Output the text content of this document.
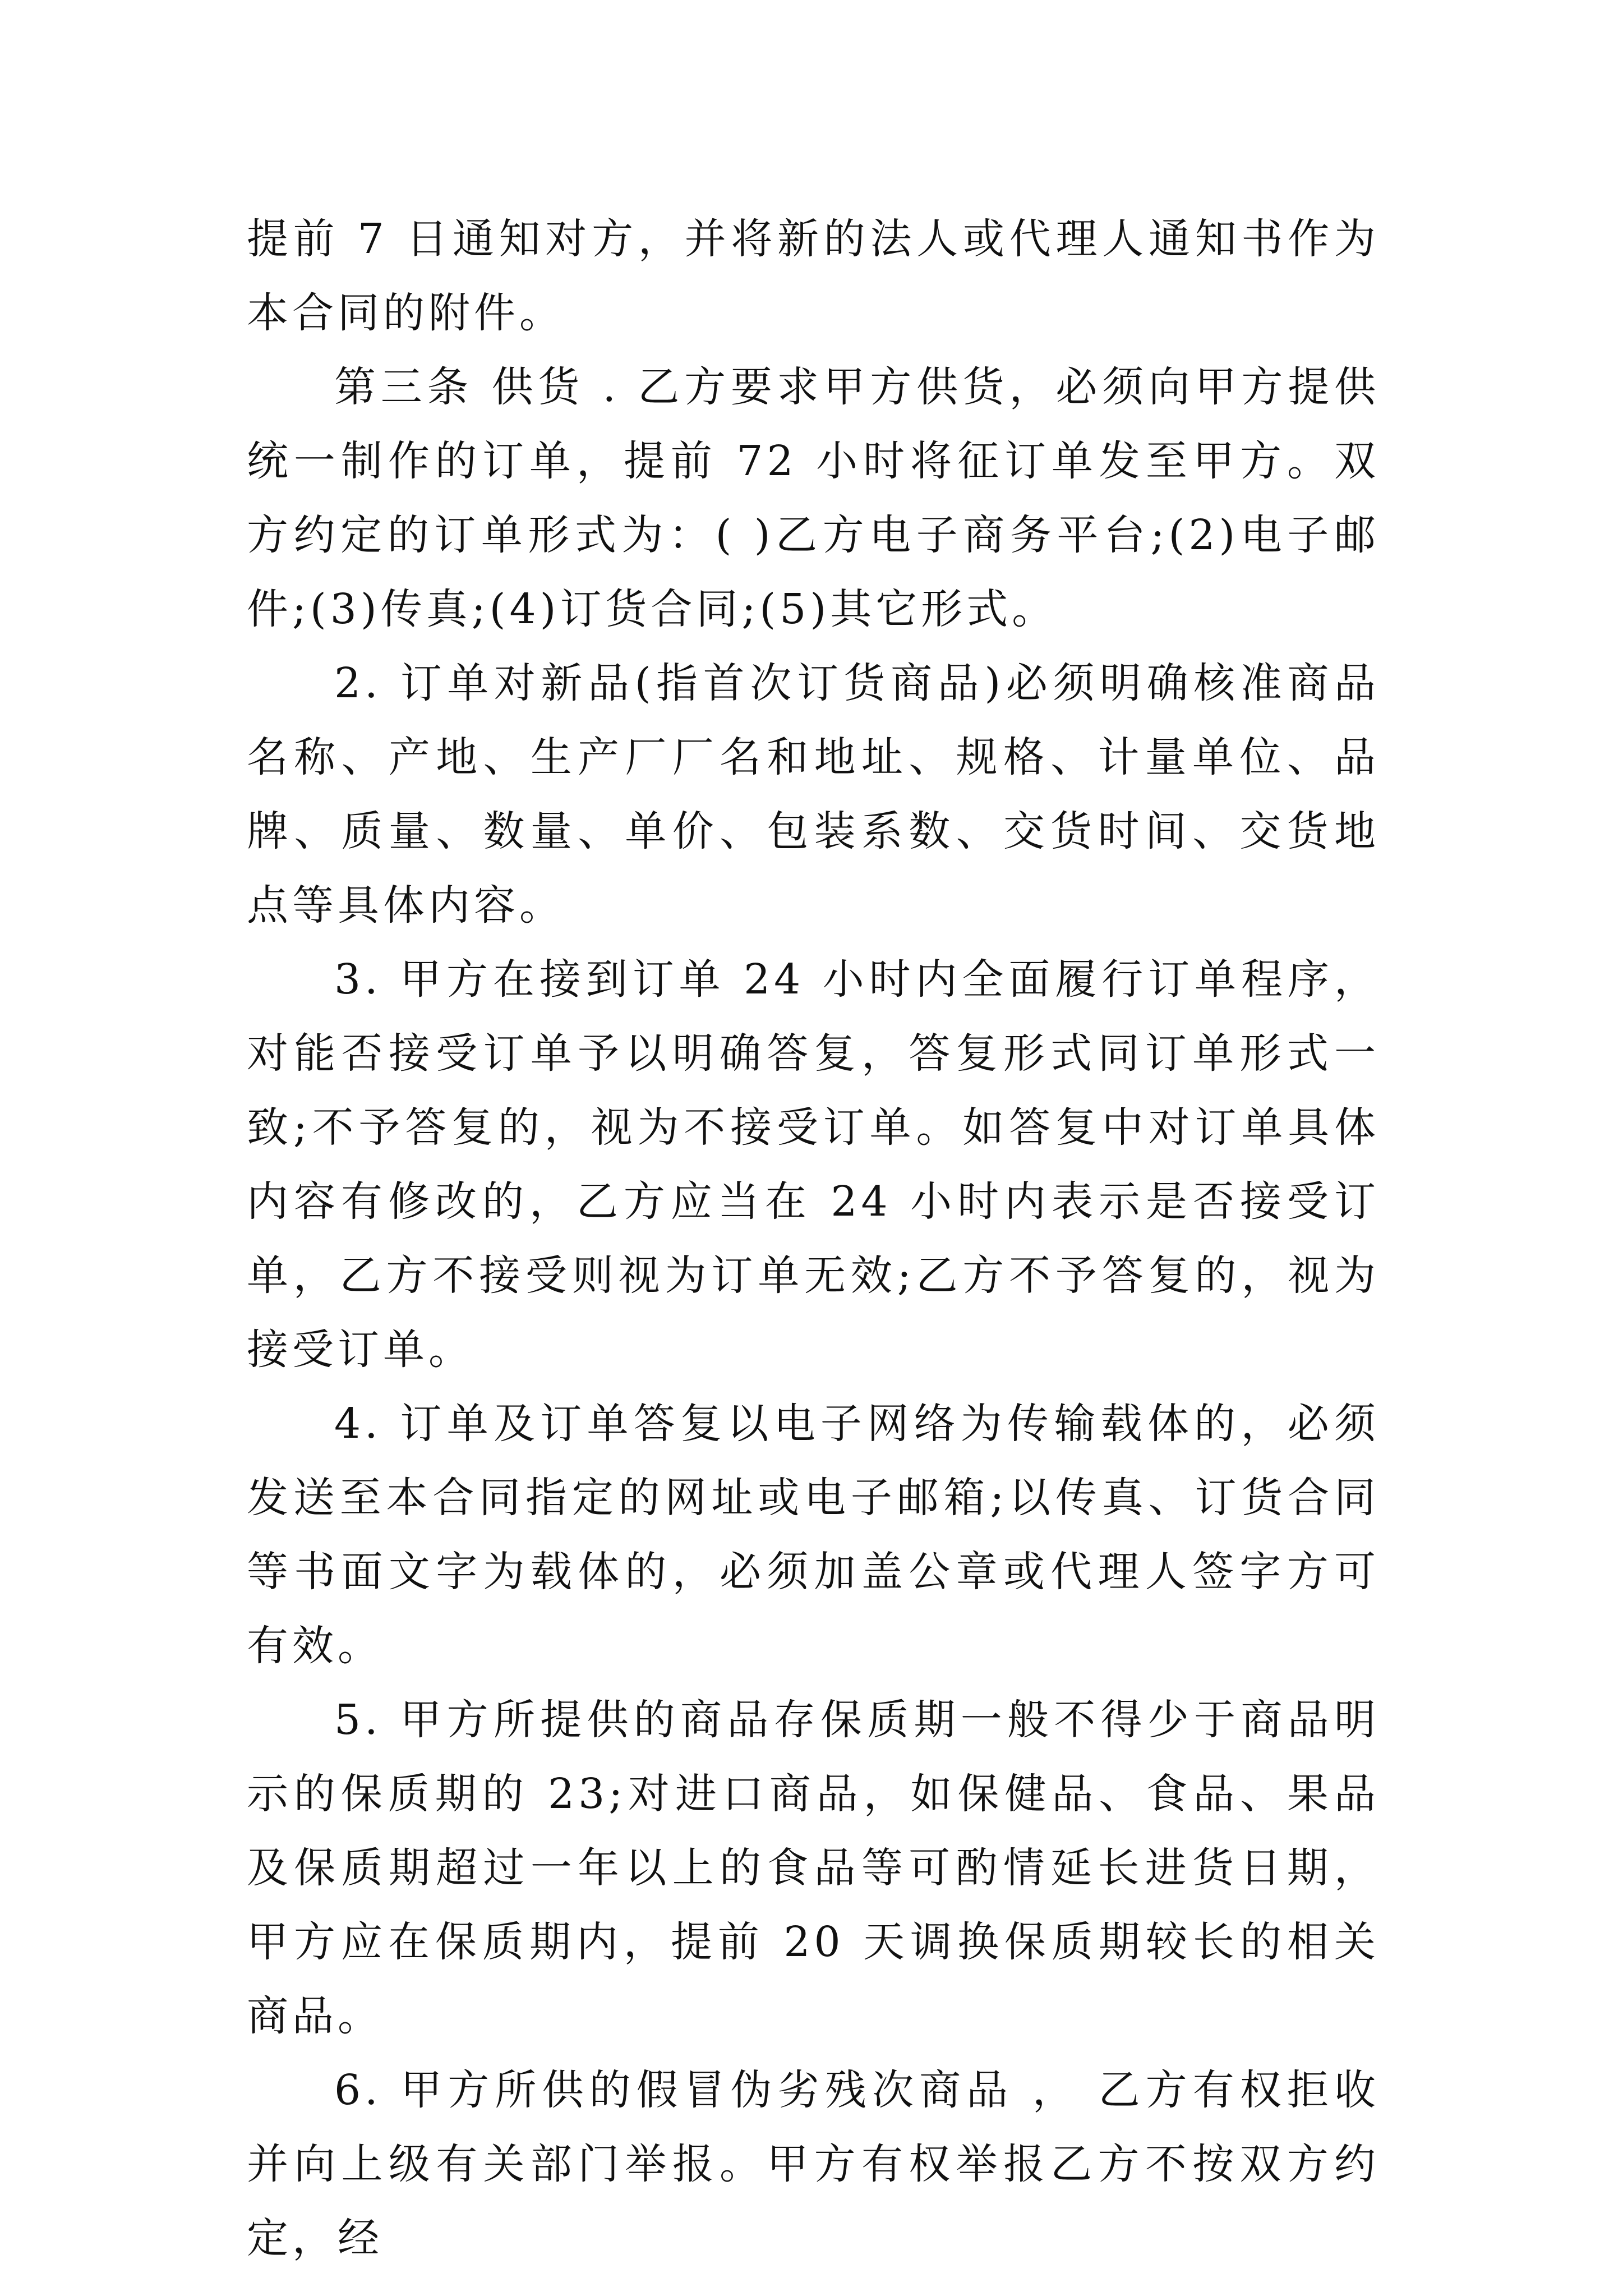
提前 7 日通知对方，并将新的法人或代理人通知书作为本合同的附件。

第三条 供货 . 乙方要求甲方供货，必须向甲方提供统一制作的订单，提前 72 小时将征订单发至甲方。双方约定的订单形式为：( )乙方电子商务平台;(2)电子邮件;(3)传真;(4)订货合同;(5)其它形式。

2. 订单对新品(指首次订货商品)必须明确核准商品名称、产地、生产厂厂名和地址、规格、计量单位、品牌、质量、数量、单价、包装系数、交货时间、交货地点等具体内容。

3. 甲方在接到订单 24 小时内全面履行订单程序，对能否接受订单予以明确答复，答复形式同订单形式一致;不予答复的，视为不接受订单。如答复中对订单具体内容有修改的，乙方应当在 24 小时内表示是否接受订单，乙方不接受则视为订单无效;乙方不予答复的，视为接受订单。

4. 订单及订单答复以电子网络为传输载体的，必须发送至本合同指定的网址或电子邮箱;以传真、订货合同等书面文字为载体的，必须加盖公章或代理人签字方可有效。

5. 甲方所提供的商品存保质期一般不得少于商品明示的保质期的 23;对进口商品，如保健品、食品、果品及保质期超过一年以上的食品等可酌情延长进货日期，甲方应在保质期内，提前 20 天调换保质期较长的相关商品。

6. 甲方所供的假冒伪劣残次商品 ， 乙方有权拒收并向上级有关部门举报。甲方有权举报乙方不按双方约定，经
